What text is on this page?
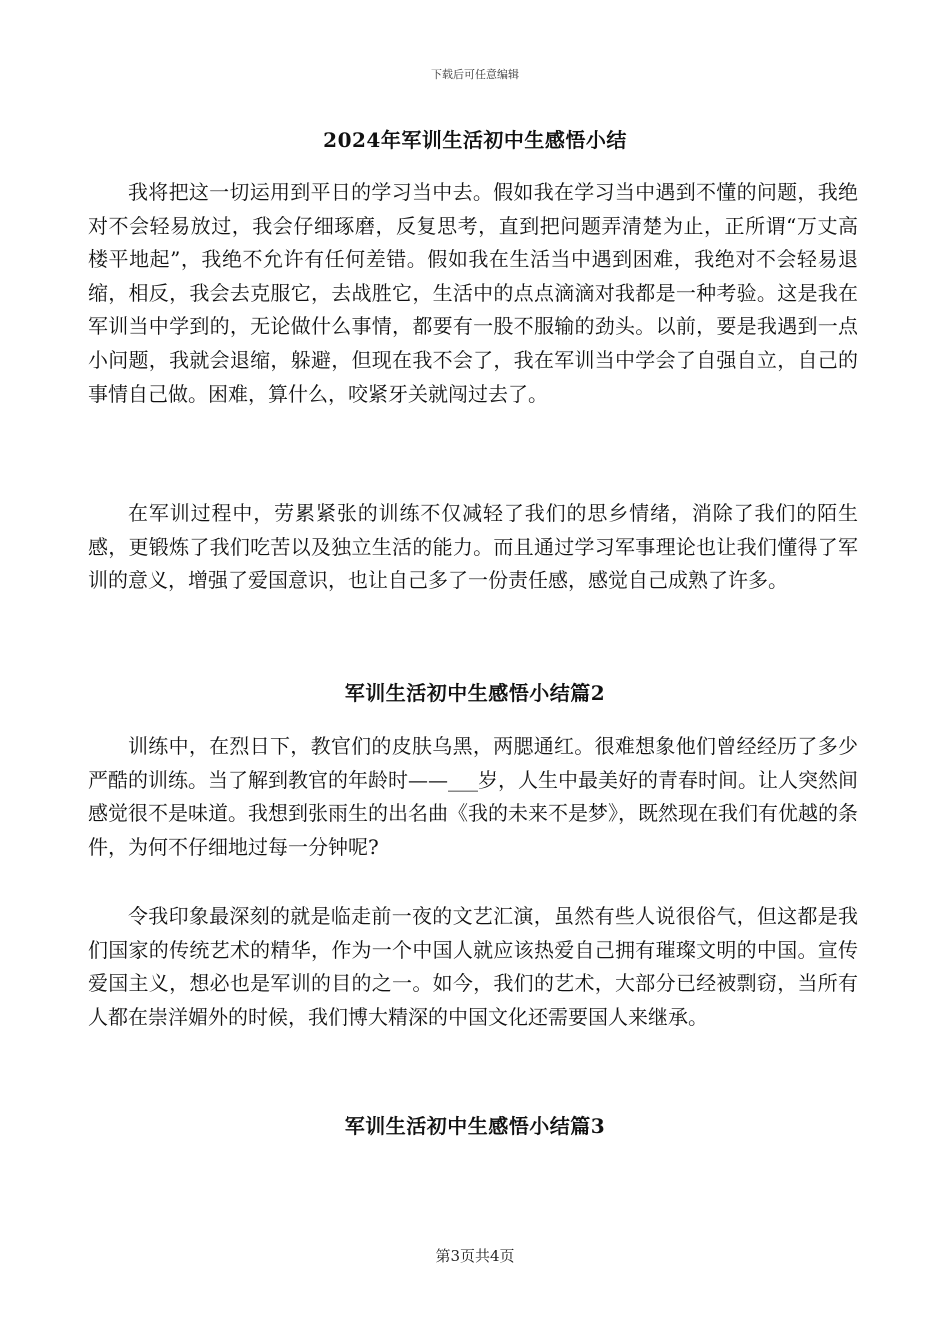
下载后可任意编辑
2024年军训生活初中生感悟小结
我将把这一切运用到平日的学习当中去。假如我在学习当中遇到不懂的问题，我绝对不会轻易放过，我会仔细琢磨，反复思考，直到把问题弄清楚为止，正所谓“万丈高楼平地起”，我绝不允许有任何差错。假如我在生活当中遇到困难，我绝对不会轻易退缩，相反，我会去克服它，去战胜它，生活中的点点滴滴对我都是一种考验。这是我在军训当中学到的，无论做什么事情，都要有一股不服输的劲头。以前，要是我遇到一点小问题，我就会退缩，躲避，但现在我不会了，我在军训当中学会了自强自立，自己的事情自己做。困难，算什么，咬紧牙关就闯过去了。
在军训过程中，劳累紧张的训练不仅减轻了我们的思乡情绪，消除了我们的陌生感，更锻炼了我们吃苦以及独立生活的能力。而且通过学习军事理论也让我们懂得了军训的意义，增强了爱国意识，也让自己多了一份责任感，感觉自己成熟了许多。
军训生活初中生感悟小结篇2
训练中，在烈日下，教官们的皮肤乌黑，两腮通红。很难想象他们曾经经历了多少严酷的训练。当了解到教官的年龄时——___岁，人生中最美好的青春时间。让人突然间感觉很不是味道。我想到张雨生的出名曲《我的未来不是梦》，既然现在我们有优越的条件，为何不仔细地过每一分钟呢?
令我印象最深刻的就是临走前一夜的文艺汇演，虽然有些人说很俗气，但这都是我们国家的传统艺术的精华，作为一个中国人就应该热爱自己拥有璀璨文明的中国。宣传爱国主义，想必也是军训的目的之一。如今，我们的艺术，大部分已经被剽窃，当所有人都在崇洋媚外的时候，我们博大精深的中国文化还需要国人来继承。
军训生活初中生感悟小结篇3
第3页共4页
